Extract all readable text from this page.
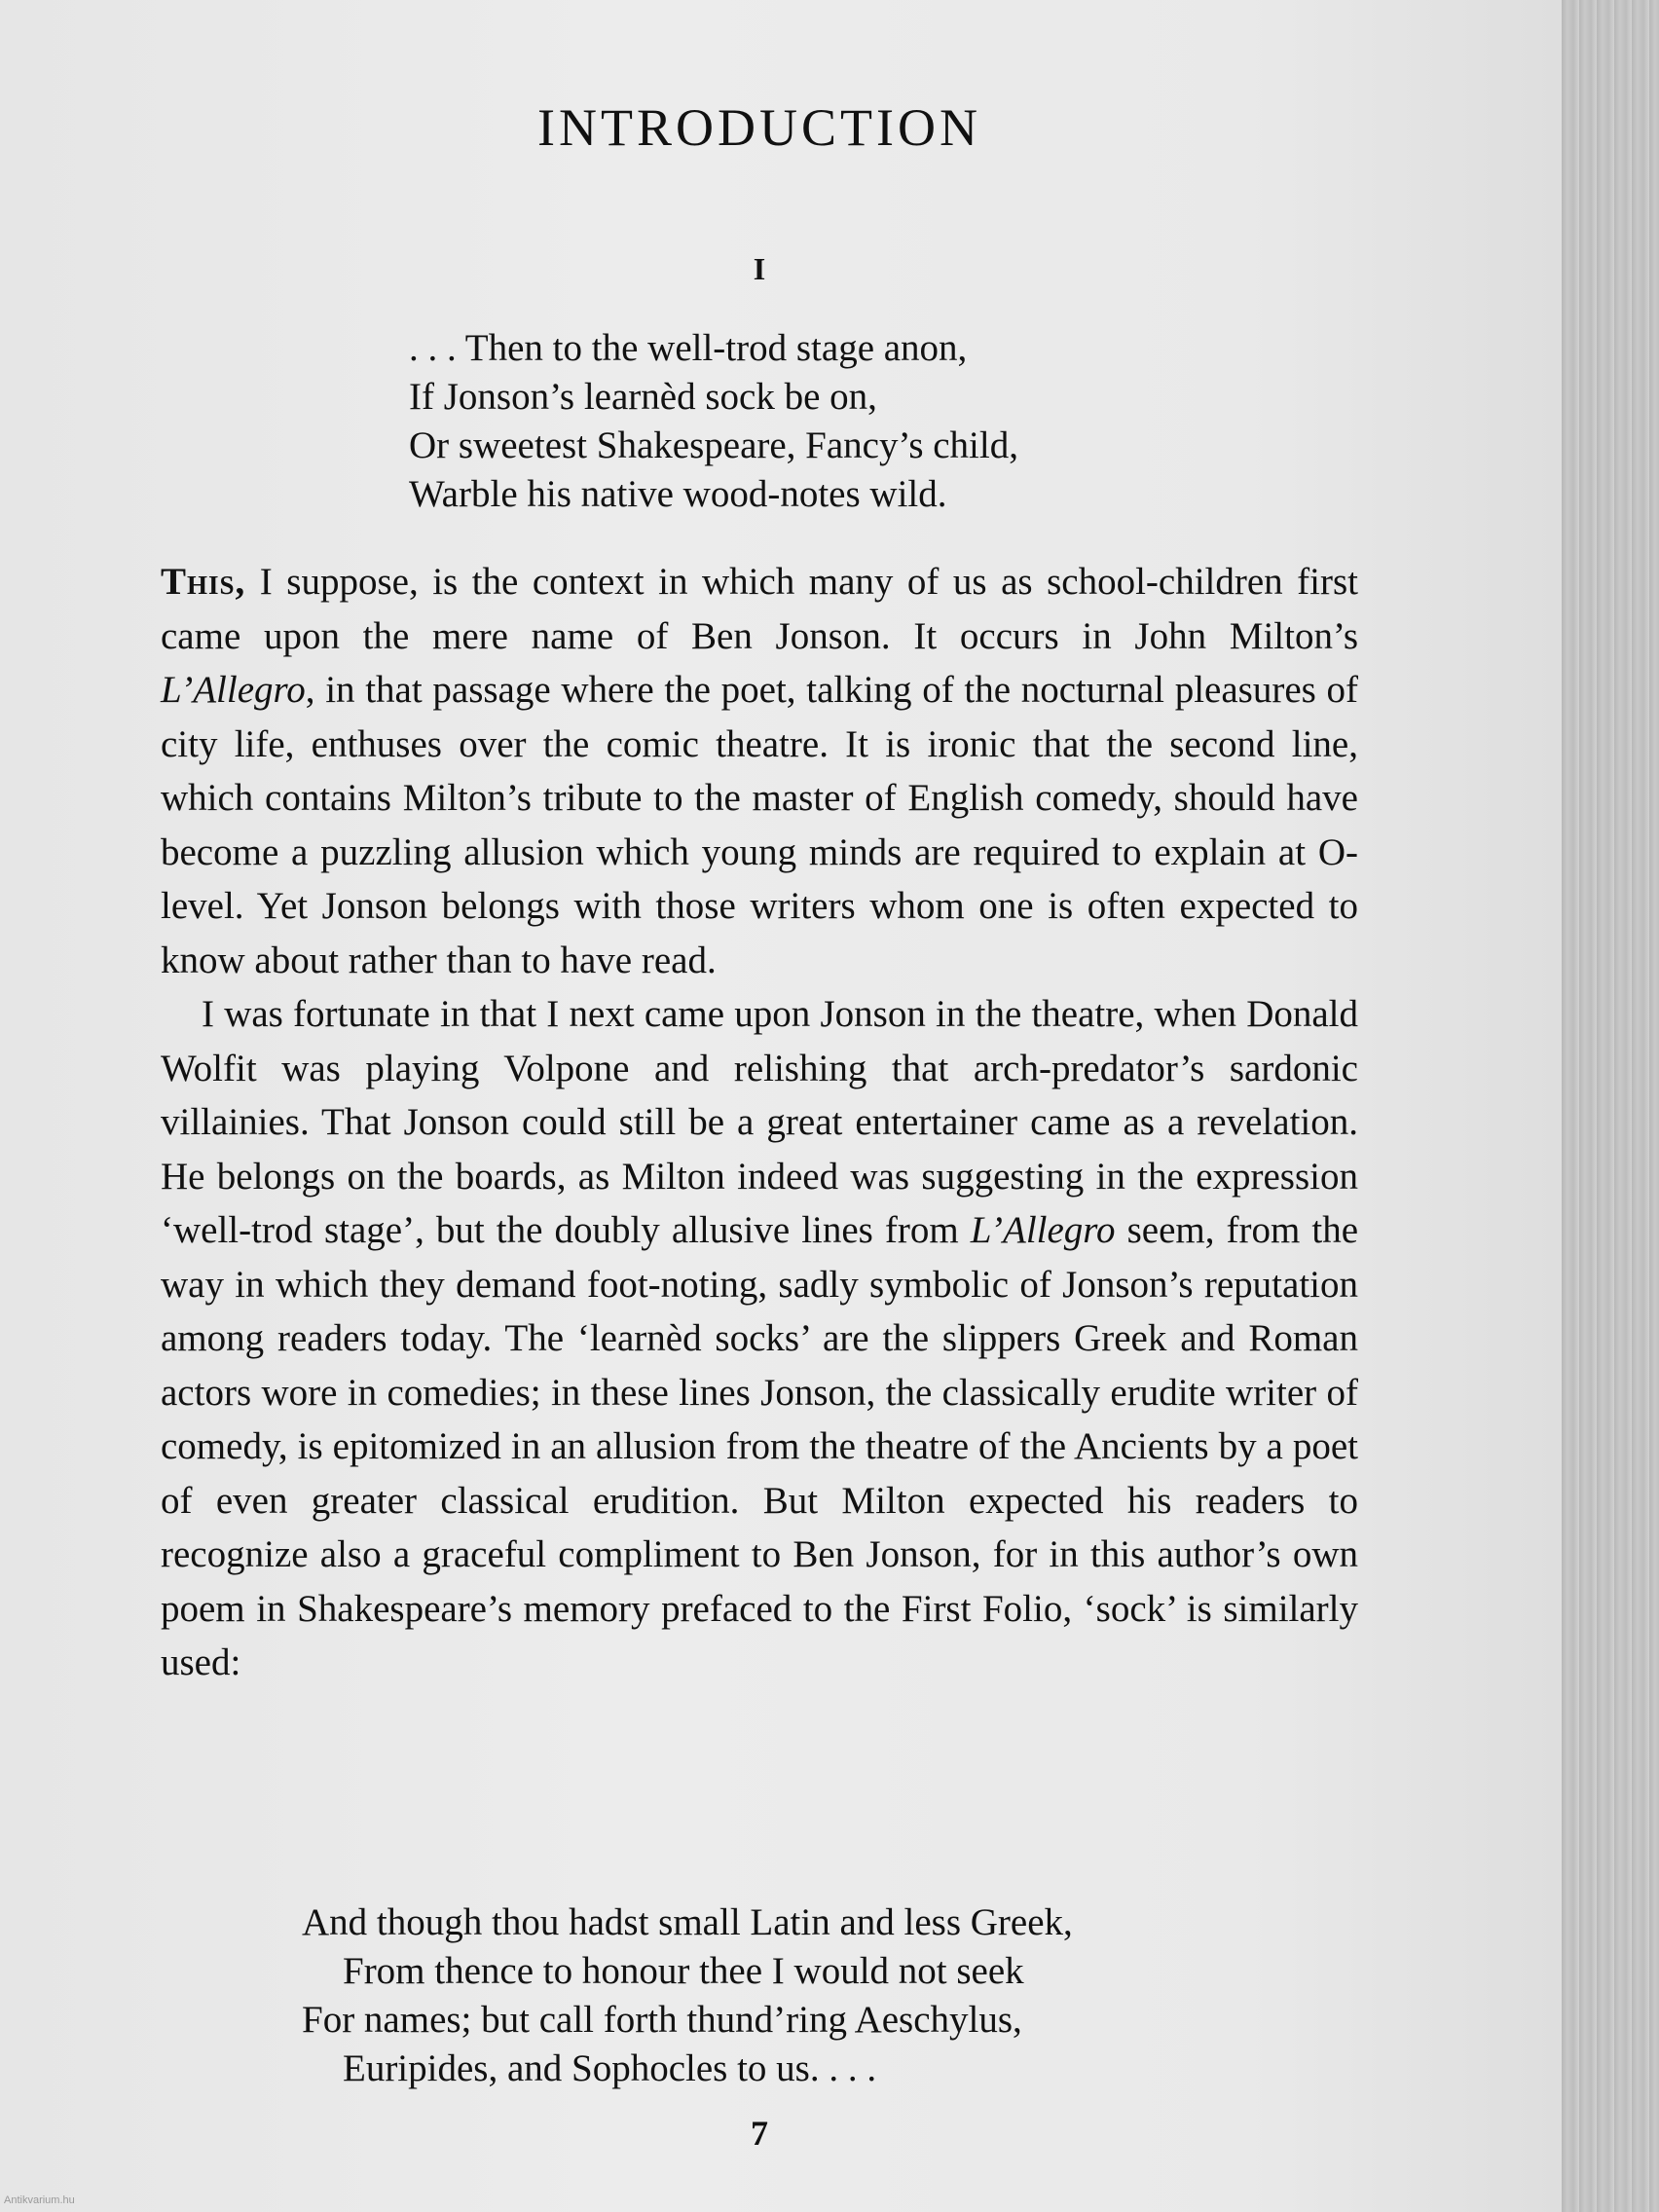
INTRODUCTION
I
. . . Then to the well-trod stage anon,
If Jonson’s learnèd sock be on,
Or sweetest Shakespeare, Fancy’s child,
Warble his native wood-notes wild.

This, I suppose, is the context in which many of us as school-children first came upon the mere name of Ben Jonson. It occurs in John Milton’s L’Allegro, in that passage where the poet, talking of the nocturnal pleasures of city life, enthuses over the comic theatre. It is ironic that the second line, which contains Milton’s tribute to the master of English comedy, should have become a puzzling allusion which young minds are required to explain at O-level. Yet Jonson belongs with those writers whom one is often expected to know about rather than to have read.

I was fortunate in that I next came upon Jonson in the theatre, when Donald Wolfit was playing Volpone and relishing that arch-predator’s sardonic villainies. That Jonson could still be a great entertainer came as a revelation. He belongs on the boards, as Milton indeed was suggesting in the expression ‘well-trod stage’, but the doubly allusive lines from L’Allegro seem, from the way in which they demand foot-noting, sadly symbolic of Jonson’s reputation among readers today. The ‘learnèd socks’ are the slippers Greek and Roman actors wore in comedies; in these lines Jonson, the classically erudite writer of comedy, is epitomized in an allusion from the theatre of the Ancients by a poet of even greater classical erudition. But Milton expected his readers to recognize also a graceful compliment to Ben Jonson, for in this author’s own poem in Shakespeare’s memory prefaced to the First Folio, ‘sock’ is similarly used:

And though thou hadst small Latin and less Greek,
From thence to honour thee I would not seek
For names; but call forth thund’ring Aeschylus,
Euripides, and Sophocles to us. . . .
7
Antikvarium.hu
